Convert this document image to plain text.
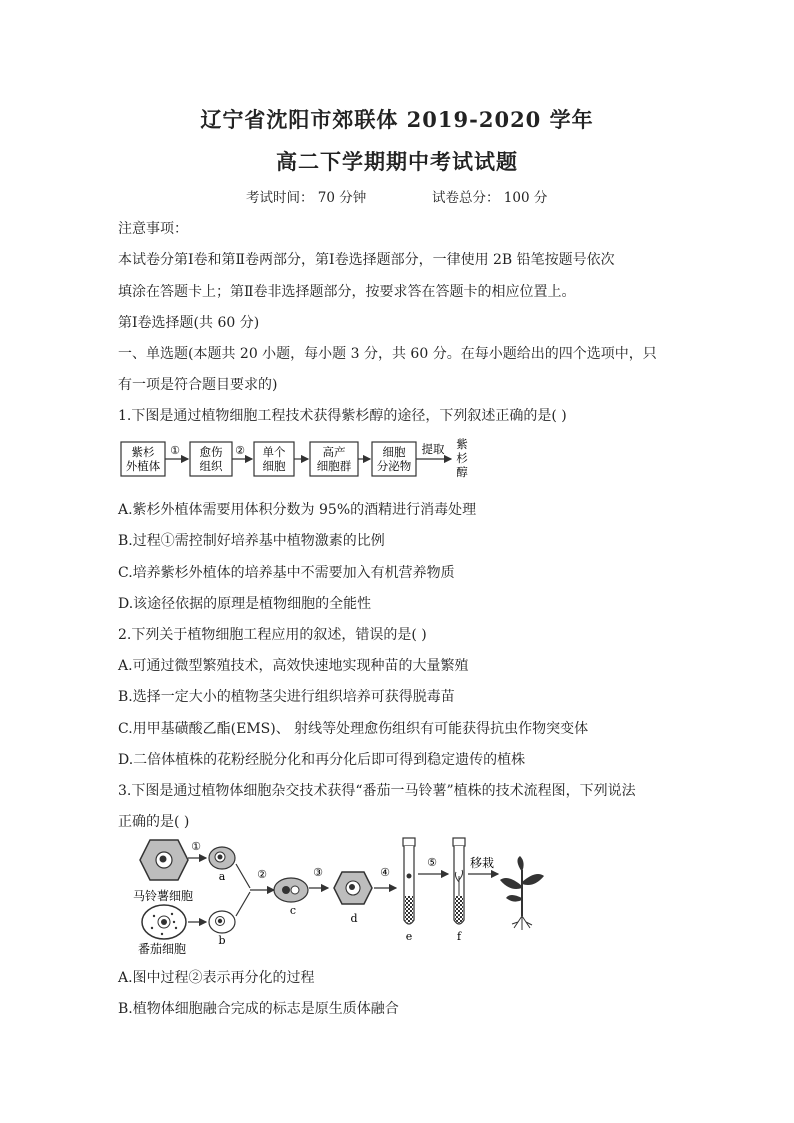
辽宁省沈阳市郊联体 2019-2020 学年
高二下学期期中考试试题
考试时间： 70 分钟	试卷总分： 100 分
注意事项：
本试卷分第Ⅰ卷和第Ⅱ卷两部分，第Ⅰ卷选择题部分，一律使用 2B 铅笔按题号依次
填涂在答题卡上；第Ⅱ卷非选择题部分，按要求答在答题卡的相应位置上。
第Ⅰ卷选择题(共 60 分)
一、单选题(本题共 20 小题，每小题 3 分，共 60 分。在每小题给出的四个选项中，只
有一项是符合题目要求的)
1.下图是通过植物细胞工程技术获得紫杉醇的途径，下列叙述正确的是( )
紫杉
外植体
① 愈伤
组织
② 单个
细胞
高产
细胞群
细胞
分泌物
提取 紫
杉
醇
A.紫杉外植体需要用体积分数为 95%的酒精进行消毒处理
B.过程①需控制好培养基中植物激素的比例
C.培养紫杉外植体的培养基中不需要加入有机营养物质
D.该途径依据的原理是植物细胞的全能性
2.下列关于植物细胞工程应用的叙述，错误的是( )
A.可通过微型繁殖技术，高效快速地实现种苗的大量繁殖
B.选择一定大小的植物茎尖进行组织培养可获得脱毒苗
C.用甲基磺酸乙酯(EMS)、 射线等处理愈伤组织有可能获得抗虫作物突变体
D.二倍体植株的花粉经脱分化和再分化后即可得到稳定遗传的植株
3.下图是通过植物体细胞杂交技术获得“番茄一马铃薯”植株的技术流程图，下列说法
正确的是( )
马铃薯细胞
①
a
番茄细胞
b
②
c
③
d
④
e
⑤
f
移栽
A.图中过程②表示再分化的过程
B.植物体细胞融合完成的标志是原生质体融合
